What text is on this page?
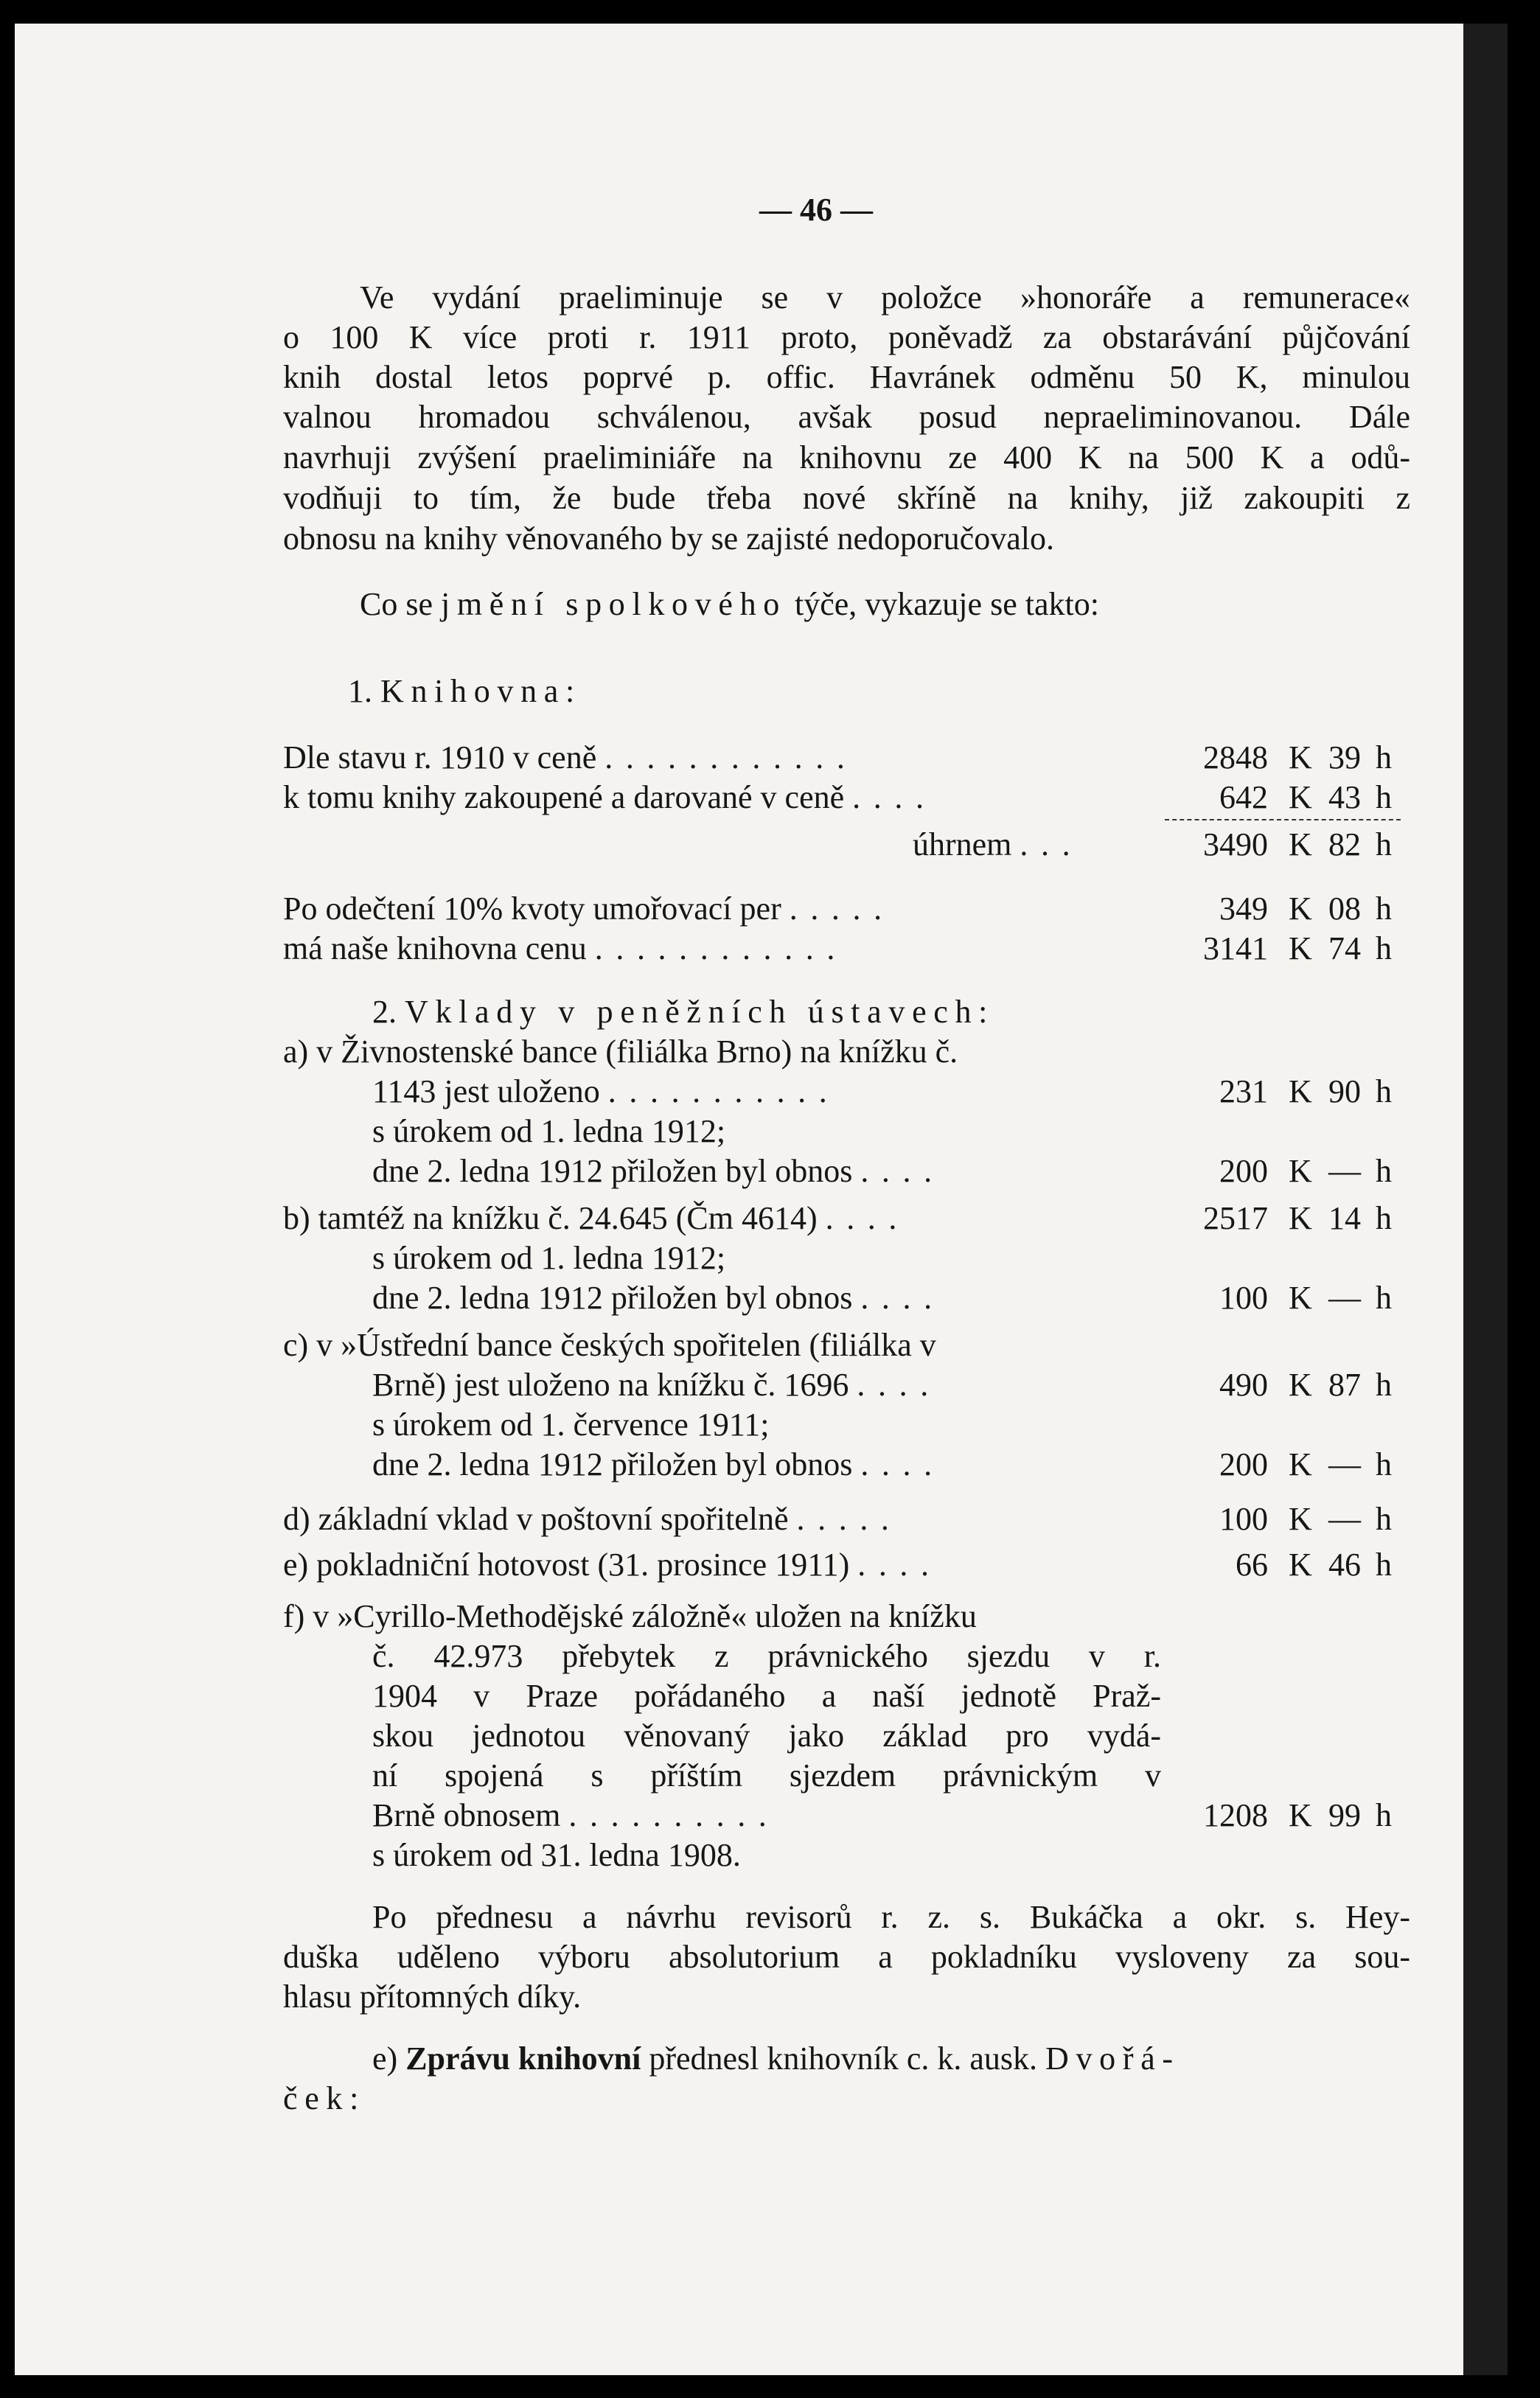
— 46 —
Ve vydání praeliminuje se v položce »honoráře a remunerace«
o 100 K více proti r. 1911 proto, poněvadž za obstarávání půjčování
knih dostal letos poprvé p. offic. Havránek odměnu 50 K, minulou
valnou hromadou schválenou, avšak posud nepraeliminovanou. Dále
navrhuji zvýšení praeliminiáře na knihovnu ze 400 K na 500 K a odů-
vodňuji to tím, že bude třeba nové skříně na knihy, již zakoupiti z
obnosu na knihy věnovaného by se zajisté nedoporučovalo.
Co se jmění spolkového týče, vykazuje se takto:
1. Knihovna:
Dle stavu r. 1910 v ceně ............	2848 K 39 h
k tomu knihy zakoupené a darované v ceně ....	642 K 43 h
úhrnem ...	3490 K 82 h
Po odečtení 10% kvoty umořovací per .....	349 K 08 h
má naše knihovna cenu ............	3141 K 74 h
2. Vklady v peněžních ústavech:
a) v Živnostenské bance (filiálka Brno) na knížku č.
1143 jest uloženo ...........	231 K 90 h
s úrokem od 1. ledna 1912;
dne 2. ledna 1912 přiložen byl obnos ....	200 K — h
b) tamtéž na knížku č. 24.645 (Čm 4614) ....	2517 K 14 h
s úrokem od 1. ledna 1912;
dne 2. ledna 1912 přiložen byl obnos ....	100 K — h
c) v »Ústřední bance českých spořitelen (filiálka v
Brně) jest uloženo na knížku č. 1696 ....	490 K 87 h
s úrokem od 1. července 1911;
dne 2. ledna 1912 přiložen byl obnos ....	200 K — h
d) základní vklad v poštovní spořitelně .....	100 K — h
e) pokladniční hotovost (31. prosince 1911) ....	66 K 46 h
f) v »Cyrillo-Methodějské záložně« uložen na knížku
č. 42.973 přebytek z právnického sjezdu v r.
1904 v Praze pořádaného a naší jednotě Praž-
skou jednotou věnovaný jako základ pro vydá-
ní spojená s příštím sjezdem právnickým v
Brně obnosem ..........	1208 K 99 h
s úrokem od 31. ledna 1908.
Po přednesu a návrhu revisorů r. z. s. Bukáčka a okr. s. Hey-
duška uděleno výboru absolutorium a pokladníku vysloveny za sou-
hlasu přítomných díky.
e) Zprávu knihovní přednesl knihovník c. k. ausk. Dvořá-
ček:
